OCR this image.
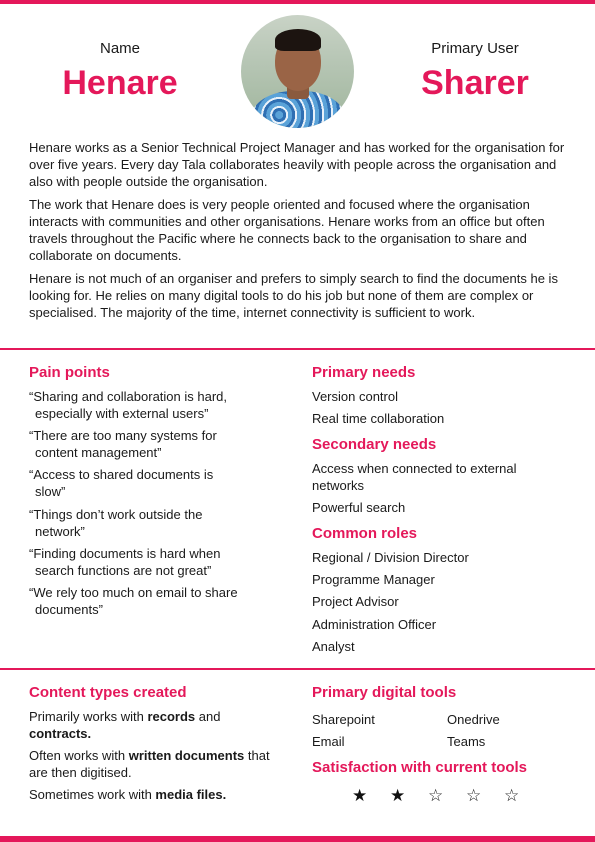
Name
Henare
Primary User
Sharer

Henare works as a Senior Technical Project Manager and has worked for the organisation for over five years. Every day Tala collaborates heavily with people across the organisation and also with people outside the organisation.

The work that Henare does is very people oriented and focused where the organisation interacts with communities and other organisations. Henare works from an office but often travels throughout the Pacific where he connects back to the organisation to share and collaborate on documents.

Henare is not much of an organiser and prefers to simply search to find the documents he is looking for. He relies on many digital tools to do his job but none of them are complex or specialised. The majority of the time, internet connectivity is sufficient to work.

Pain points
“Sharing and collaboration is hard,
especially with external users”
“There are too many systems for
content management”
“Access to shared documents is
slow”
“Things don’t work outside the
network”
“Finding documents is hard when
search functions are not great”
“We rely too much on email to share
documents”
Primary needs
Version control
Real time collaboration
Secondary needs
Access when connected to external networks
Powerful search
Common roles
Regional / Division Director
Programme Manager
Project Advisor
Administration Officer
Analyst
Content types created
Primarily works with records and contracts.
Often works with written documents that are then digitised.
Sometimes work with media files.
Primary digital tools
Sharepoint	Onedrive
Email	Teams
Satisfaction with current tools
★ ★ ☆ ☆ ☆
